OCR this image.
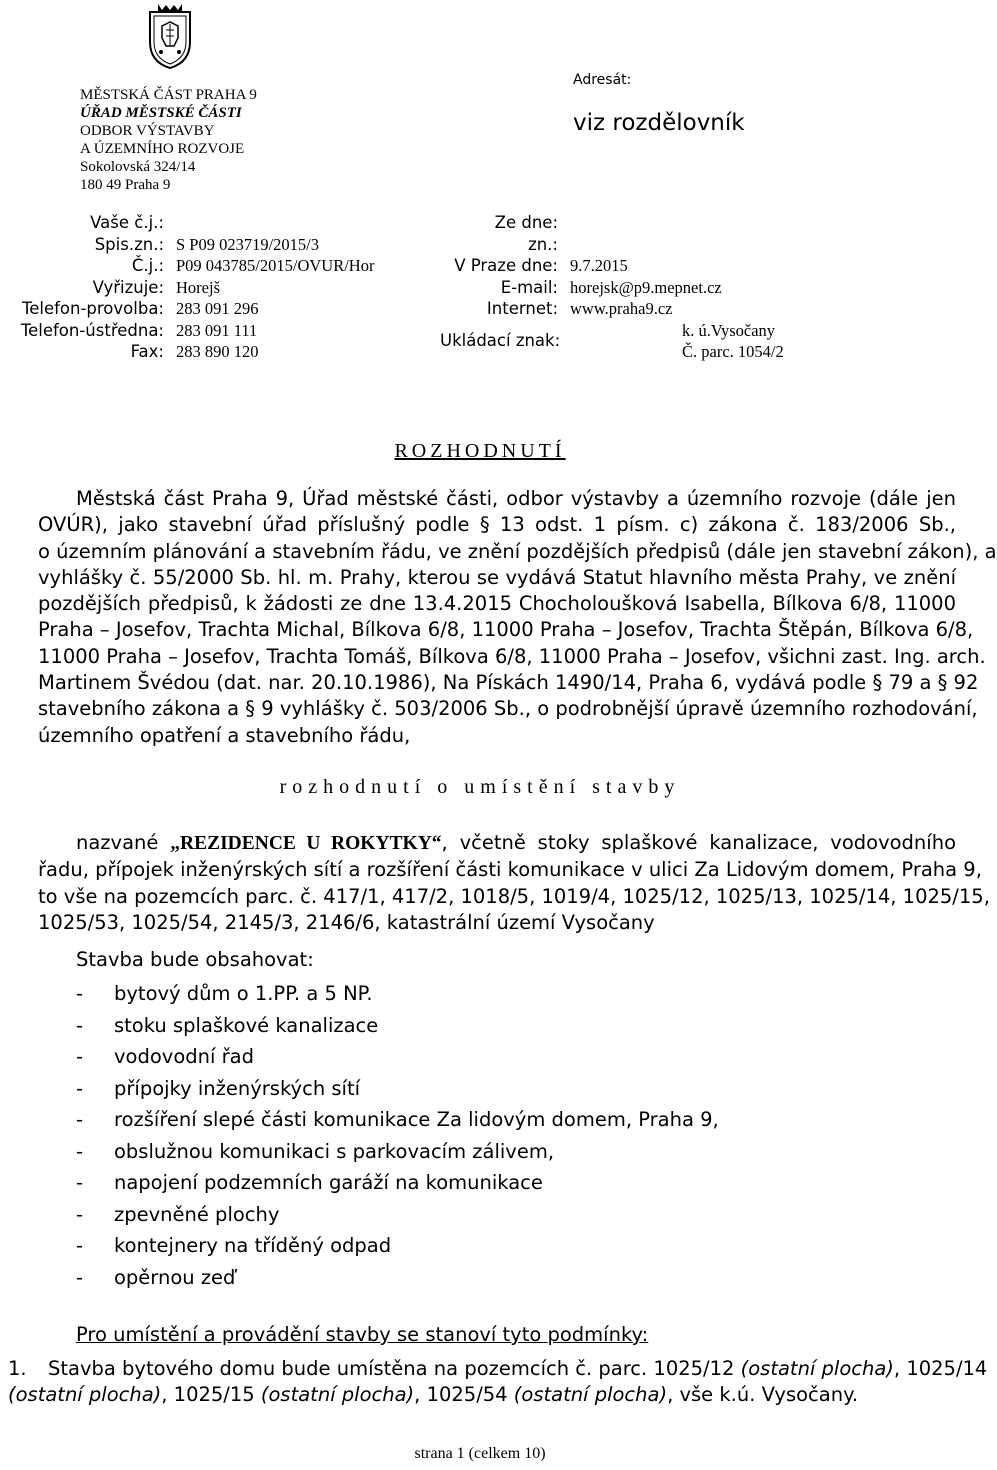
MĚSTSKÁ ČÁST PRAHA 9
ÚŘAD MĚSTSKÉ ČÁSTI
ODBOR VÝSTAVBY
A ÚZEMNÍHO ROZVOJE
Sokolovská 324/14
180 49 Praha 9
Adresát:
viz rozdělovník
Vaše č.j.:
Spis.zn.: S P09 023719/2015/3
Č.j.: P09 043785/2015/OVUR/Hor
Vyřizuje: Horejš
Telefon-provolba: 283 091 296
Telefon-ústředna: 283 091 111
Fax: 283 890 120
Ze dne:
zn.:
V Praze dne:
E-mail:
Internet:
Ukládací znak:
9.7.2015
horejsk@p9.mepnet.cz
www.praha9.cz
k. ú.Vysočany
Č. parc. 1054/2
ROZHODNUTÍ
Městská část Praha 9, Úřad městské části, odbor výstavby a územního rozvoje (dále jen
OVÚR), jako stavební úřad příslušný podle § 13 odst. 1 písm. c) zákona č. 183/2006 Sb.,
o územním plánování a stavebním řádu, ve znění pozdějších předpisů (dále jen stavební zákon), a
vyhlášky č. 55/2000 Sb. hl. m. Prahy, kterou se vydává Statut hlavního města Prahy, ve znění
pozdějších předpisů, k žádosti ze dne 13.4.2015 Chocholoušková Isabella, Bílkova 6/8, 11000
Praha – Josefov, Trachta Michal, Bílkova 6/8, 11000 Praha – Josefov, Trachta Štěpán, Bílkova 6/8,
11000 Praha – Josefov, Trachta Tomáš, Bílkova 6/8, 11000 Praha – Josefov, všichni zast. Ing. arch.
Martinem Švédou (dat. nar. 20.10.1986), Na Pískách 1490/14, Praha 6, vydává podle § 79 a § 92
stavebního zákona a § 9 vyhlášky č. 503/2006 Sb., o podrobnější úpravě územního rozhodování,
územního opatření a stavebního řádu,
rozhodnutí o umístění stavby
nazvané „REZIDENCE U ROKYTKY“, včetně stoky splaškové kanalizace, vodovodního
řadu, přípojek inženýrských sítí a rozšíření části komunikace v ulici Za Lidovým domem, Praha 9,
to vše na pozemcích parc. č. 417/1, 417/2, 1018/5, 1019/4, 1025/12, 1025/13, 1025/14, 1025/15,
1025/53, 1025/54, 2145/3, 2146/6, katastrální území Vysočany
Stavba bude obsahovat:
- bytový dům o 1.PP. a 5 NP.
- stoku splaškové kanalizace
- vodovodní řad
- přípojky inženýrských sítí
- rozšíření slepé části komunikace Za lidovým domem, Praha 9,
- obslužnou komunikaci s parkovacím zálivem,
- napojení podzemních garáží na komunikace
- zpevněné plochy
- kontejnery na tříděný odpad
- opěrnou zeď
Pro umístění a provádění stavby se stanoví tyto podmínky:
1. Stavba bytového domu bude umístěna na pozemcích č. parc. 1025/12 (ostatní plocha), 1025/14
(ostatní plocha), 1025/15 (ostatní plocha), 1025/54 (ostatní plocha), vše k.ú. Vysočany.
strana 1 (celkem 10)
